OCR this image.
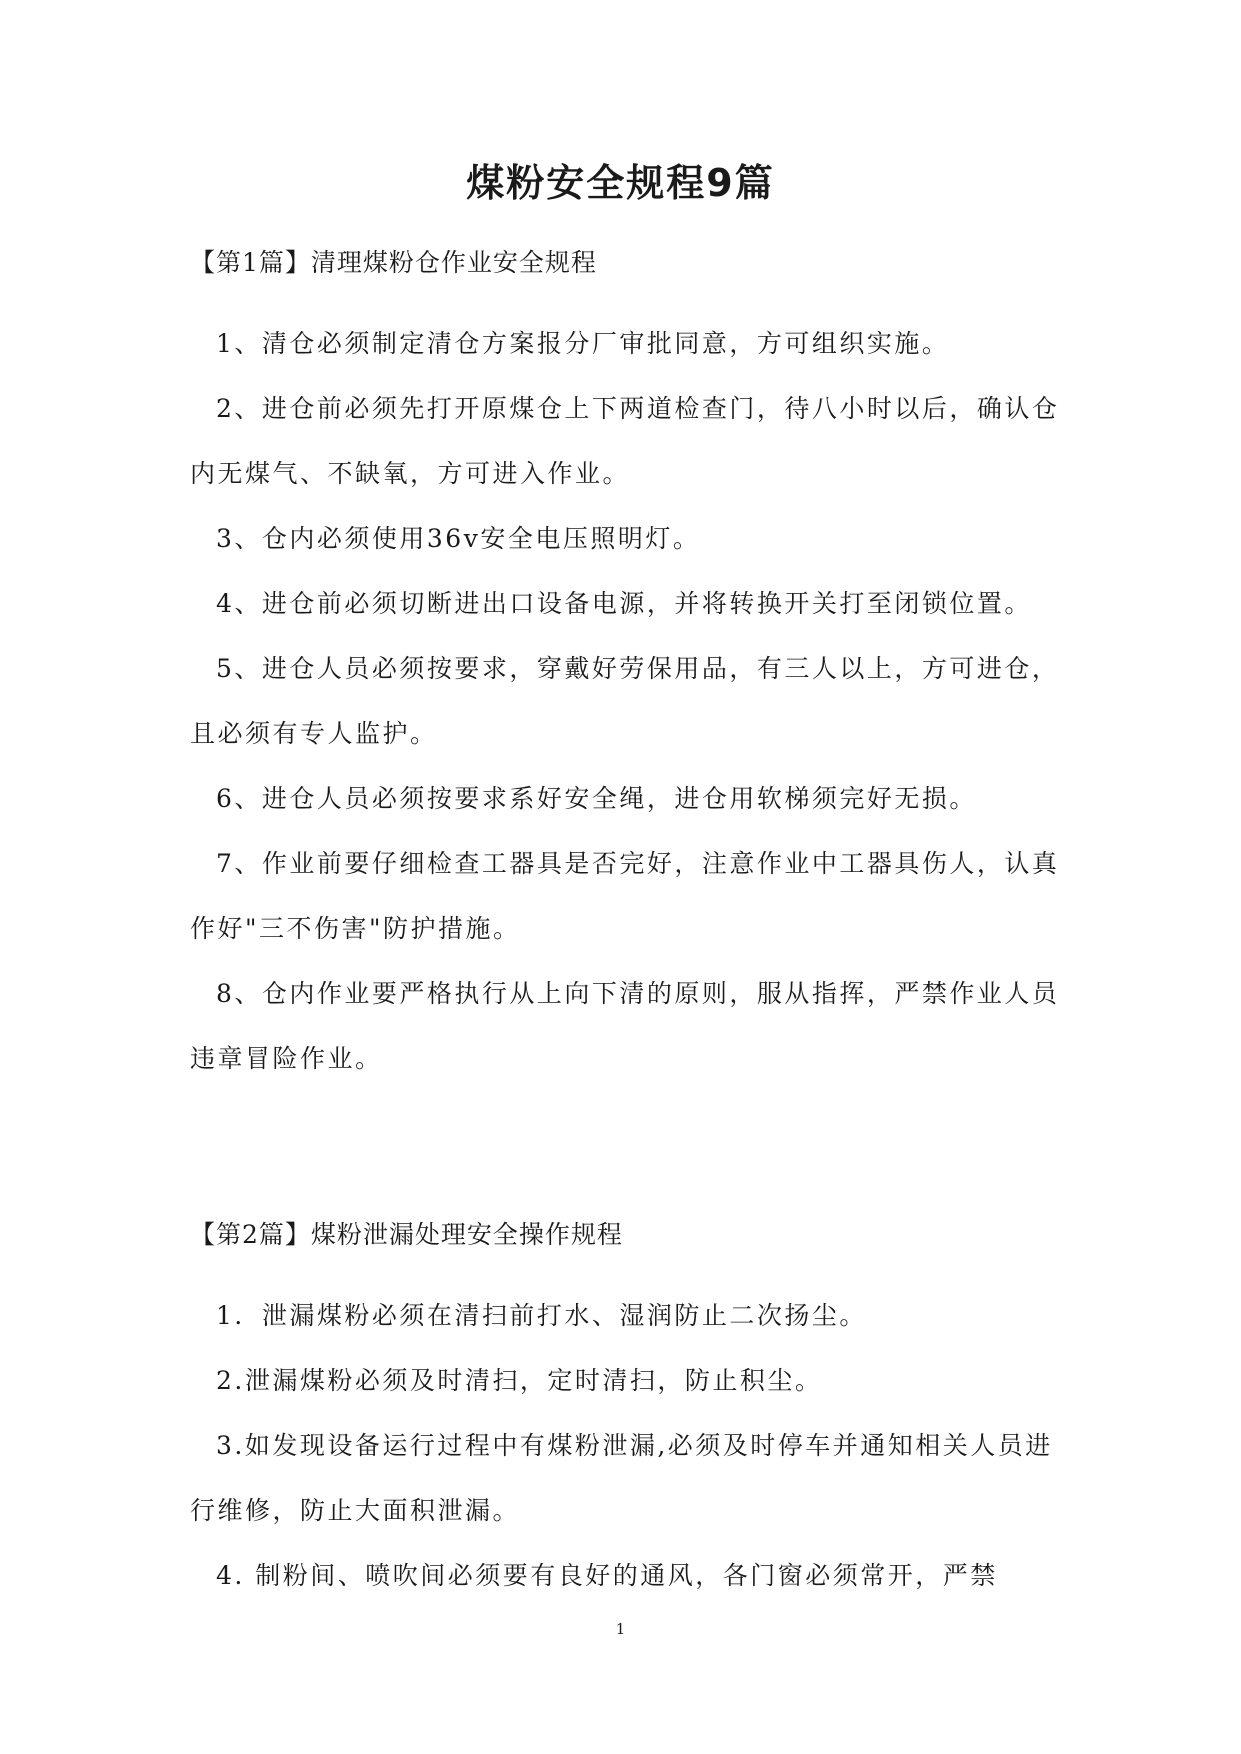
煤粉安全规程9篇
【第1篇】清理煤粉仓作业安全规程

1、清仓必须制定清仓方案报分厂审批同意，方可组织实施。

2、进仓前必须先打开原煤仓上下两道检查门，待八小时以后，确认仓内无煤气、不缺氧，方可进入作业。

3、仓内必须使用36v安全电压照明灯。

4、进仓前必须切断进出口设备电源，并将转换开关打至闭锁位置。

5、进仓人员必须按要求，穿戴好劳保用品，有三人以上，方可进仓，且必须有专人监护。

6、进仓人员必须按要求系好安全绳，进仓用软梯须完好无损。

7、作业前要仔细检查工器具是否完好，注意作业中工器具伤人，认真作好"三不伤害"防护措施。

8、仓内作业要严格执行从上向下清的原则，服从指挥，严禁作业人员违章冒险作业。

【第2篇】煤粉泄漏处理安全操作规程

1．泄漏煤粉必须在清扫前打水、湿润防止二次扬尘。

2.泄漏煤粉必须及时清扫，定时清扫，防止积尘。

3.如发现设备运行过程中有煤粉泄漏,必须及时停车并通知相关人员进行维修，防止大面积泄漏。

4. 制粉间、喷吹间必须要有良好的通风，各门窗必须常开，严禁

1
